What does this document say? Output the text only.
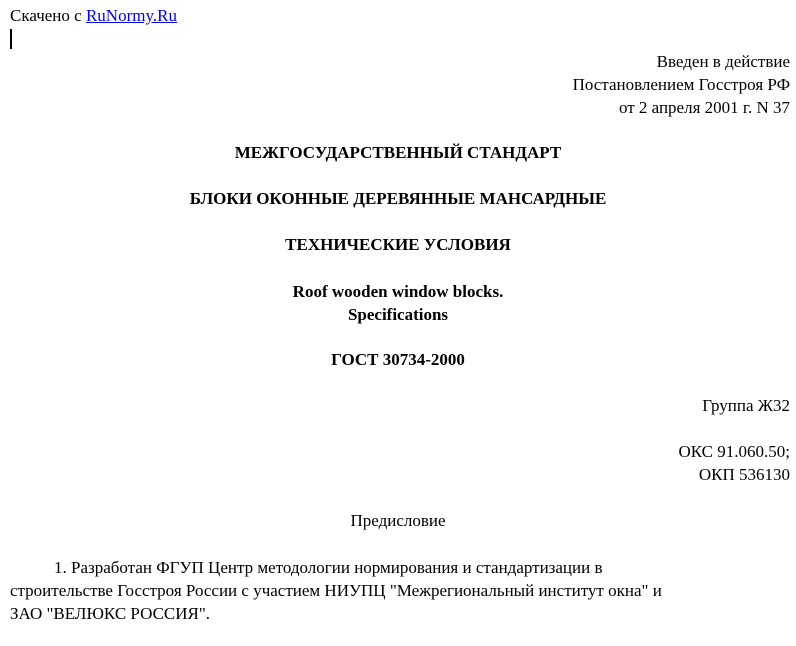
Скачено с RuNormy.Ru
Введен в действие
Постановлением Госстроя РФ
от 2 апреля 2001 г. N 37
МЕЖГОСУДАРСТВЕННЫЙ СТАНДАРТ
БЛОКИ ОКОННЫЕ ДЕРЕВЯННЫЕ МАНСАРДНЫЕ
ТЕХНИЧЕСКИЕ УСЛОВИЯ
Roof wooden window blocks.
Specifications
ГОСТ 30734-2000
Группа Ж32
ОКС 91.060.50;
ОКП 536130
Предисловие
1. Разработан ФГУП Центр методологии нормирования и стандартизации в
строительстве Госстроя России с участием НИУПЦ "Межрегиональный институт окна" и
ЗАО "ВЕЛЮКС РОССИЯ".
